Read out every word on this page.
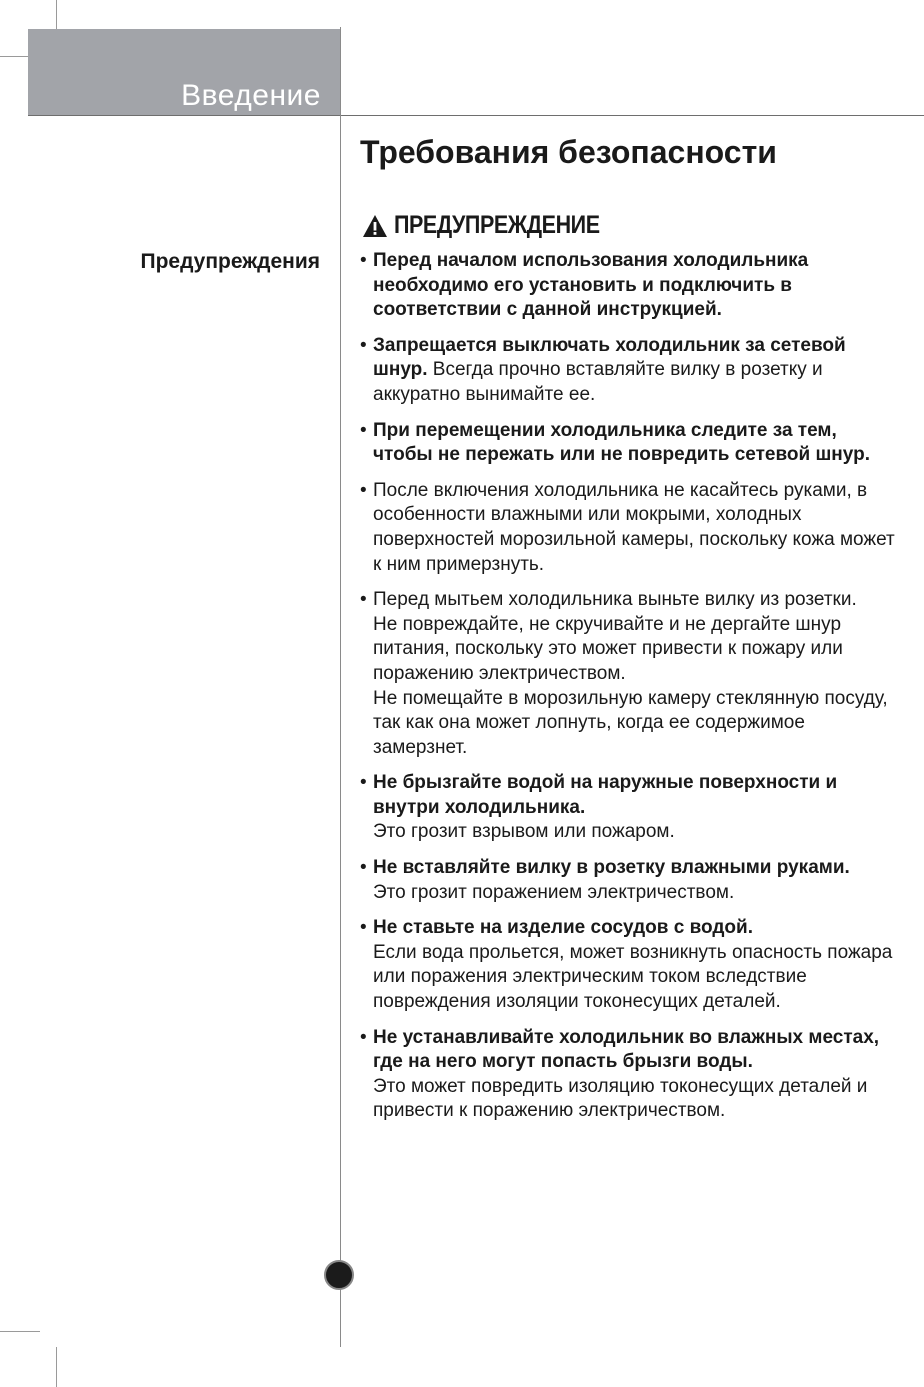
Введение
Требования безопасности
Предупреждения
ПРЕДУПРЕЖДЕНИЕ
• Перед началом использования холодильника необходимо его установить и подключить в соответствии с данной инструкцией.
• Запрещается выключать холодильник за сетевой шнур. Всегда прочно вставляйте вилку в розетку и аккуратно вынимайте ее.
• При перемещении холодильника следите за тем, чтобы не пережать или не повредить сетевой шнур.
• После включения холодильника не касайтесь руками, в особенности влажными или мокрыми, холодных поверхностей морозильной камеры, поскольку кожа может к ним примерзнуть.
• Перед мытьем холодильника выньте вилку из розетки.
Не повреждайте, не скручивайте и не дергайте шнур питания, поскольку это может привести к пожару или поражению электричеством.
Не помещайте в морозильную камеру стеклянную посуду, так как она может лопнуть, когда ее содержимое замерзнет.
• Не брызгайте водой на наружные поверхности и внутри холодильника.
Это грозит взрывом или пожаром.
• Не вставляйте вилку в розетку влажными руками.
Это грозит поражением электричеством.
• Не ставьте на изделие сосудов с водой.
Если вода прольется, может возникнуть опасность пожара или поражения электрическим током вследствие повреждения изоляции токонесущих деталей.
• Не устанавливайте холодильник во влажных местах, где на него могут попасть брызги воды.
Это может повредить изоляцию токонесущих деталей и привести к поражению электричеством.
